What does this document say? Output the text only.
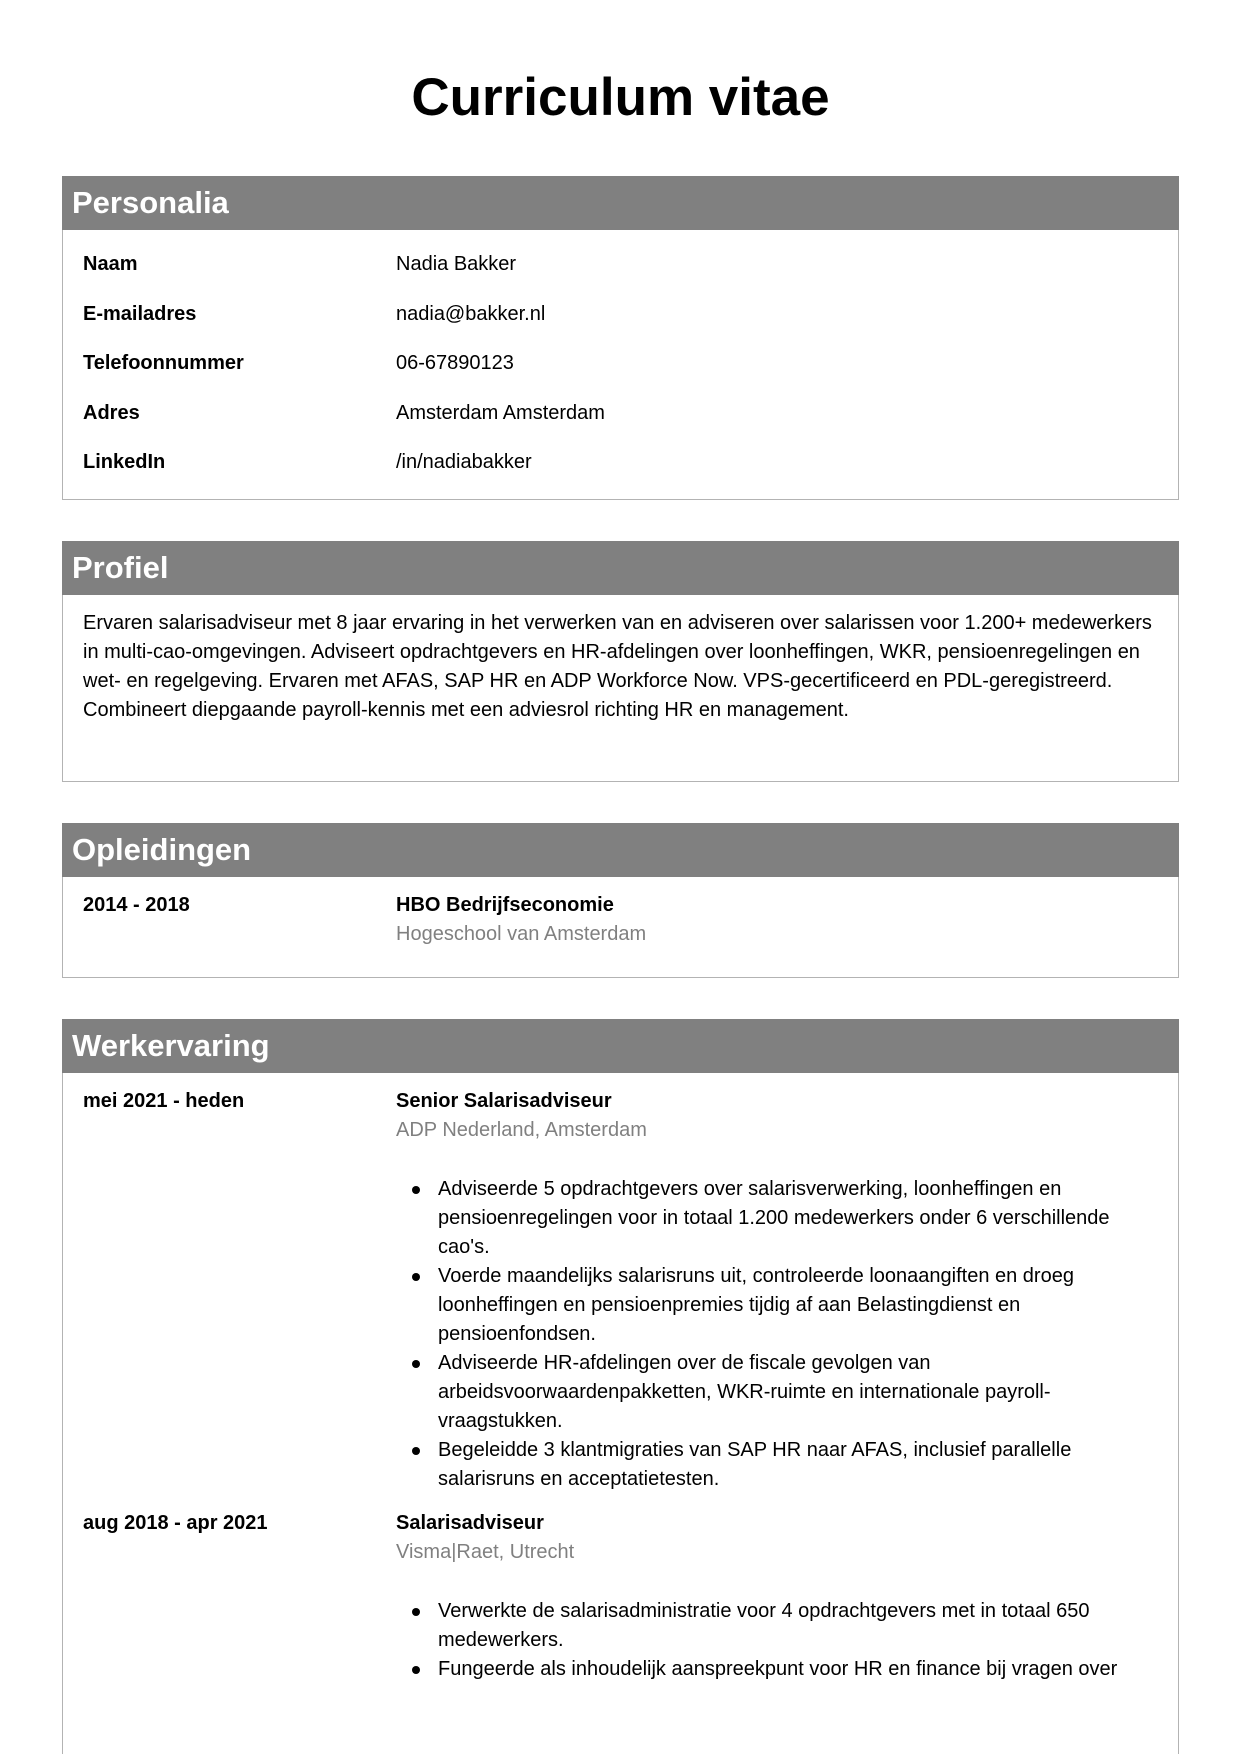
Curriculum vitae
Personalia
Naam	Nadia Bakker
E-mailadres	nadia@bakker.nl
Telefoonnummer	06-67890123
Adres	Amsterdam Amsterdam
LinkedIn	/in/nadiabakker
Profiel

Ervaren salarisadviseur met 8 jaar ervaring in het verwerken van en adviseren over salarissen voor 1.200+ medewerkers in multi-cao-omgevingen. Adviseert opdrachtgevers en HR-afdelingen over loonheffingen, WKR, pensioenregelingen en wet- en regelgeving. Ervaren met AFAS, SAP HR en ADP Workforce Now. VPS-gecertificeerd en PDL-geregistreerd. Combineert diepgaande payroll-kennis met een adviesrol richting HR en management.

Opleidingen
2014 - 2018	HBO Bedrijfseconomie
Hogeschool van Amsterdam
Werkervaring
mei 2021 - heden	Senior Salarisadviseur
ADP Nederland, Amsterdam
Adviseerde 5 opdrachtgevers over salarisverwerking, loonheffingen en pensioenregelingen voor in totaal 1.200 medewerkers onder 6 verschillende cao's.
Voerde maandelijks salarisruns uit, controleerde loonaangiften en droeg loonheffingen en pensioenpremies tijdig af aan Belastingdienst en pensioenfondsen.
Adviseerde HR-afdelingen over de fiscale gevolgen van arbeidsvoorwaardenpakketten, WKR-ruimte en internationale payroll-vraagstukken.
Begeleidde 3 klantmigraties van SAP HR naar AFAS, inclusief parallelle salarisruns en acceptatietesten.
aug 2018 - apr 2021	Salarisadviseur
Visma|Raet, Utrecht
Verwerkte de salarisadministratie voor 4 opdrachtgevers met in totaal 650 medewerkers.
Fungeerde als inhoudelijk aanspreekpunt voor HR en finance bij vragen over
